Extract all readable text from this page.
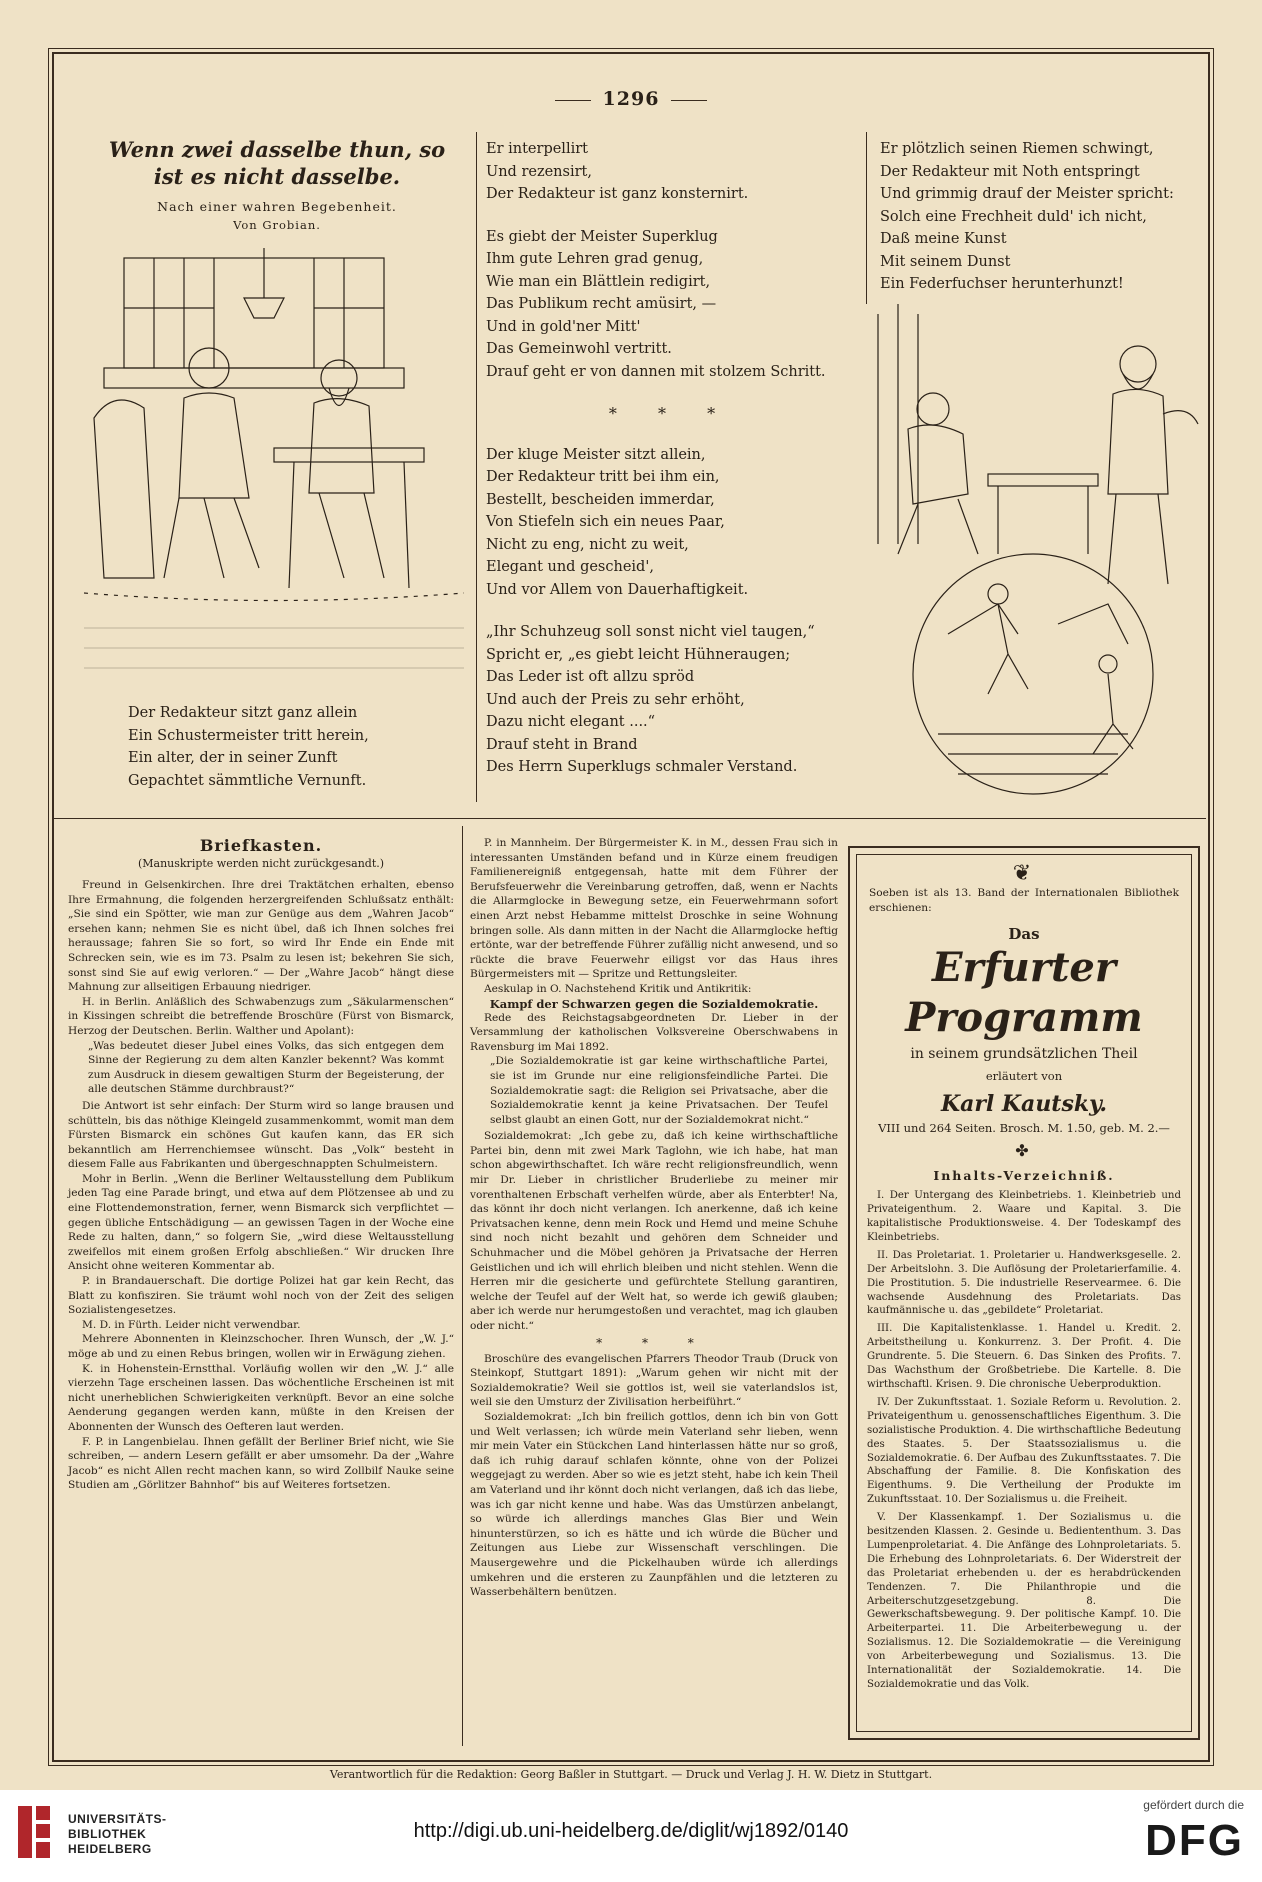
1296
Wenn zwei dasselbe thun, so ist es nicht dasselbe.
Nach einer wahren Begebenheit.
Von Grobian.
Der Redakteur sitzt ganz allein
Ein Schustermeister tritt herein,
Ein alter, der in seiner Zunft
Gepachtet sämmtliche Vernunft.
Er interpellirt
Und rezensirt,
Der Redakteur ist ganz konsternirt.
Es giebt der Meister Superklug
Ihm gute Lehren grad genug,
Wie man ein Blättlein redigirt,
Das Publikum recht amüsirt, —
Und in gold'ner Mitt'
Das Gemeinwohl vertritt.
Drauf geht er von dannen mit stolzem Schritt.
* * *
Der kluge Meister sitzt allein,
Der Redakteur tritt bei ihm ein,
Bestellt, bescheiden immerdar,
Von Stiefeln sich ein neues Paar,
Nicht zu eng, nicht zu weit,
Elegant und gescheid',
Und vor Allem von Dauerhaftigkeit.
„Ihr Schuhzeug soll sonst nicht viel taugen,“
Spricht er, „es giebt leicht Hühneraugen;
Das Leder ist oft allzu spröd
Und auch der Preis zu sehr erhöht,
Dazu nicht elegant ....“
Drauf steht in Brand
Des Herrn Superklugs schmaler Verstand.
Er plötzlich seinen Riemen schwingt,
Der Redakteur mit Noth entspringt
Und grimmig drauf der Meister spricht:
Solch eine Frechheit duld' ich nicht,
Daß meine Kunst
Mit seinem Dunst
Ein Federfuchser herunterhunzt!
Briefkasten.
(Manuskripte werden nicht zurückgesandt.)

Freund in Gelsenkirchen. Ihre drei Traktätchen erhalten, ebenso Ihre Ermahnung, die folgenden herzergreifenden Schlußsatz enthält: „Sie sind ein Spötter, wie man zur Genüge aus dem „Wahren Jacob“ ersehen kann; nehmen Sie es nicht übel, daß ich Ihnen solches frei heraussage; fahren Sie so fort, so wird Ihr Ende ein Ende mit Schrecken sein, wie es im 73. Psalm zu lesen ist; bekehren Sie sich, sonst sind Sie auf ewig verloren.“ — Der „Wahre Jacob“ hängt diese Mahnung zur allseitigen Erbauung niedriger.

H. in Berlin. Anläßlich des Schwabenzugs zum „Säkularmenschen“ in Kissingen schreibt die betreffende Broschüre (Fürst von Bismarck, Herzog der Deutschen. Berlin. Walther und Apolant):

„Was bedeutet dieser Jubel eines Volks, das sich entgegen dem Sinne der Regierung zu dem alten Kanzler bekennt? Was kommt zum Ausdruck in diesem gewaltigen Sturm der Begeisterung, der alle deutschen Stämme durchbraust?“

Die Antwort ist sehr einfach: Der Sturm wird so lange brausen und schütteln, bis das nöthige Kleingeld zusammenkommt, womit man dem Fürsten Bismarck ein schönes Gut kaufen kann, das ER sich bekanntlich am Herrenchiemsee wünscht. Das „Volk“ besteht in diesem Falle aus Fabrikanten und übergeschnappten Schulmeistern.

Mohr in Berlin. „Wenn die Berliner Weltausstellung dem Publikum jeden Tag eine Parade bringt, und etwa auf dem Plötzensee ab und zu eine Flottendemonstration, ferner, wenn Bismarck sich verpflichtet — gegen übliche Entschädigung — an gewissen Tagen in der Woche eine Rede zu halten, dann,“ so folgern Sie, „wird diese Weltausstellung zweifellos mit einem großen Erfolg abschließen.“ Wir drucken Ihre Ansicht ohne weiteren Kommentar ab.

P. in Brandauerschaft. Die dortige Polizei hat gar kein Recht, das Blatt zu konfisziren. Sie träumt wohl noch von der Zeit des seligen Sozialistengesetzes.

M. D. in Fürth. Leider nicht verwendbar.

Mehrere Abonnenten in Kleinzschocher. Ihren Wunsch, der „W. J.“ möge ab und zu einen Rebus bringen, wollen wir in Erwägung ziehen.

K. in Hohenstein-Ernstthal. Vorläufig wollen wir den „W. J.“ alle vierzehn Tage erscheinen lassen. Das wöchentliche Erscheinen ist mit nicht unerheblichen Schwierigkeiten verknüpft. Bevor an eine solche Aenderung gegangen werden kann, müßte in den Kreisen der Abonnenten der Wunsch des Oefteren laut werden.

F. P. in Langenbielau. Ihnen gefällt der Berliner Brief nicht, wie Sie schreiben, — andern Lesern gefällt er aber umsomehr. Da der „Wahre Jacob“ es nicht Allen recht machen kann, so wird Zollbilf Nauke seine Studien am „Görlitzer Bahnhof“ bis auf Weiteres fortsetzen.

P. in Mannheim. Der Bürgermeister K. in M., dessen Frau sich in interessanten Umständen befand und in Kürze einem freudigen Familienereigniß entgegensah, hatte mit dem Führer der Berufsfeuerwehr die Vereinbarung getroffen, daß, wenn er Nachts die Allarmglocke in Bewegung setze, ein Feuerwehrmann sofort einen Arzt nebst Hebamme mittelst Droschke in seine Wohnung bringen solle. Als dann mitten in der Nacht die Allarmglocke heftig ertönte, war der betreffende Führer zufällig nicht anwesend, und so rückte die brave Feuerwehr eiligst vor das Haus ihres Bürgermeisters mit — Spritze und Rettungsleiter.

Aeskulap in O. Nachstehend Kritik und Antikritik:

Kampf der Schwarzen gegen die Sozialdemokratie.

Rede des Reichstagsabgeordneten Dr. Lieber in der Versammlung der katholischen Volksvereine Oberschwabens in Ravensburg im Mai 1892.

„Die Sozialdemokratie ist gar keine wirthschaftliche Partei, sie ist im Grunde nur eine religionsfeindliche Partei. Die Sozialdemokratie sagt: die Religion sei Privatsache, aber die Sozialdemokratie kennt ja keine Privatsachen. Der Teufel selbst glaubt an einen Gott, nur der Sozialdemokrat nicht.“

Sozialdemokrat: „Ich gebe zu, daß ich keine wirthschaftliche Partei bin, denn mit zwei Mark Taglohn, wie ich habe, hat man schon abgewirthschaftet. Ich wäre recht religionsfreundlich, wenn mir Dr. Lieber in christlicher Bruderliebe zu meiner mir vorenthaltenen Erbschaft verhelfen würde, aber als Enterbter! Na, das könnt ihr doch nicht verlangen. Ich anerkenne, daß ich keine Privatsachen kenne, denn mein Rock und Hemd und meine Schuhe sind noch nicht bezahlt und gehören dem Schneider und Schuhmacher und die Möbel gehören ja Privatsache der Herren Geistlichen und ich will ehrlich bleiben und nicht stehlen. Wenn die Herren mir die gesicherte und gefürchtete Stellung garantiren, welche der Teufel auf der Welt hat, so werde ich gewiß glauben; aber ich werde nur herumgestoßen und verachtet, mag ich glauben oder nicht.“

* * *

Broschüre des evangelischen Pfarrers Theodor Traub (Druck von Steinkopf, Stuttgart 1891): „Warum gehen wir nicht mit der Sozialdemokratie? Weil sie gottlos ist, weil sie vaterlandslos ist, weil sie den Umsturz der Zivilisation herbeiführt.“

Sozialdemokrat: „Ich bin freilich gottlos, denn ich bin von Gott und Welt verlassen; ich würde mein Vaterland sehr lieben, wenn mir mein Vater ein Stückchen Land hinterlassen hätte nur so groß, daß ich ruhig darauf schlafen könnte, ohne von der Polizei weggejagt zu werden. Aber so wie es jetzt steht, habe ich kein Theil am Vaterland und ihr könnt doch nicht verlangen, daß ich das liebe, was ich gar nicht kenne und habe. Was das Umstürzen anbelangt, so würde ich allerdings manches Glas Bier und Wein hinunterstürzen, so ich es hätte und ich würde die Bücher und Zeitungen aus Liebe zur Wissenschaft verschlingen. Die Mausergewehre und die Pickelhauben würde ich allerdings umkehren und die ersteren zu Zaunpfählen und die letzteren zu Wasserbehältern benützen.

❦
Soeben ist als 13. Band der Internationalen Bibliothek erschienen:
Das
Erfurter Programm
in seinem grundsätzlichen Theil
erläutert von
Karl Kautsky.
VIII und 264 Seiten. Brosch. M. 1.50, geb. M. 2.—
✤
Inhalts-Verzeichniß.

I. Der Untergang des Kleinbetriebs. 1. Kleinbetrieb und Privateigenthum. 2. Waare und Kapital. 3. Die kapitalistische Produktionsweise. 4. Der Todeskampf des Kleinbetriebs.

II. Das Proletariat. 1. Proletarier u. Handwerksgeselle. 2. Der Arbeitslohn. 3. Die Auflösung der Proletarierfamilie. 4. Die Prostitution. 5. Die industrielle Reservearmee. 6. Die wachsende Ausdehnung des Proletariats. Das kaufmännische u. das „gebildete“ Proletariat.

III. Die Kapitalistenklasse. 1. Handel u. Kredit. 2. Arbeitstheilung u. Konkurrenz. 3. Der Profit. 4. Die Grundrente. 5. Die Steuern. 6. Das Sinken des Profits. 7. Das Wachsthum der Großbetriebe. Die Kartelle. 8. Die wirthschaftl. Krisen. 9. Die chronische Ueberproduktion.

IV. Der Zukunftsstaat. 1. Soziale Reform u. Revolution. 2. Privateigenthum u. genossenschaftliches Eigenthum. 3. Die sozialistische Produktion. 4. Die wirthschaftliche Bedeutung des Staates. 5. Der Staatssozialismus u. die Sozialdemokratie. 6. Der Aufbau des Zukunftsstaates. 7. Die Abschaffung der Familie. 8. Die Konfiskation des Eigenthums. 9. Die Vertheilung der Produkte im Zukunftsstaat. 10. Der Sozialismus u. die Freiheit.

V. Der Klassenkampf. 1. Der Sozialismus u. die besitzenden Klassen. 2. Gesinde u. Bediententhum. 3. Das Lumpenproletariat. 4. Die Anfänge des Lohnproletariats. 5. Die Erhebung des Lohnproletariats. 6. Der Widerstreit der das Proletariat erhebenden u. der es herabdrückenden Tendenzen. 7. Die Philanthropie und die Arbeiterschutzgesetzgebung. 8. Die Gewerkschaftsbewegung. 9. Der politische Kampf. 10. Die Arbeiterpartei. 11. Die Arbeiterbewegung u. der Sozialismus. 12. Die Sozialdemokratie — die Vereinigung von Arbeiterbewegung und Sozialismus. 13. Die Internationalität der Sozialdemokratie. 14. Die Sozialdemokratie und das Volk.

Verantwortlich für die Redaktion: Georg Baßler in Stuttgart. — Druck und Verlag J. H. W. Dietz in Stuttgart.
UNIVERSITÄTS-
BIBLIOTHEK
HEIDELBERG
http://digi.ub.uni-heidelberg.de/diglit/wj1892/0140
gefördert durch die
DFG
